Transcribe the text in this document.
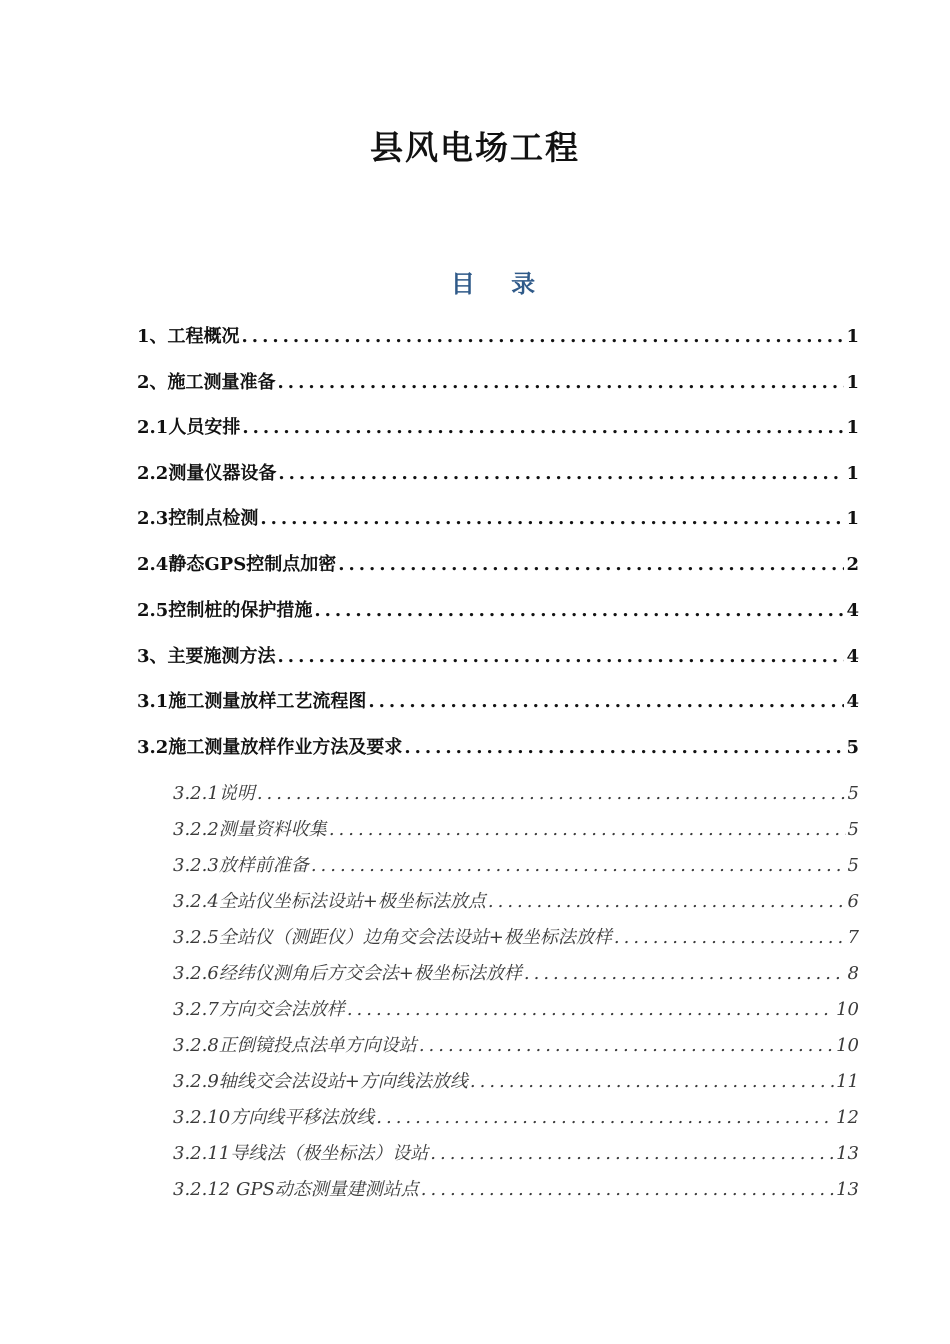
县风电场工程
目 录
1、工程概况 .....	1
2、施工测量准备 .....	1
2.1人员安排 .....	1
2.2测量仪器设备 .....	1
2.3控制点检测 .....	1
2.4静态GPS控制点加密 .....	2
2.5控制桩的保护措施 .....	4
3、主要施测方法 .....	4
3.1施工测量放样工艺流程图 .....	4
3.2施工测量放样作业方法及要求 .....	5
3.2.1说明 .....	5
3.2.2测量资料收集 .....	5
3.2.3放样前准备 .....	5
3.2.4全站仪坐标法设站+极坐标法放点 .....	6
3.2.5全站仪（测距仪）边角交会法设站+极坐标法放样 .....	7
3.2.6经纬仪测角后方交会法+极坐标法放样 .....	8
3.2.7方向交会法放样 .....	10
3.2.8正倒镜投点法单方向设站 .....	10
3.2.9轴线交会法设站+方向线法放线 .....	11
3.2.10方向线平移法放线 .....	12
3.2.11导线法（极坐标法）设站 .....	13
3.2.12 GPS动态测量建测站点 .....	13
